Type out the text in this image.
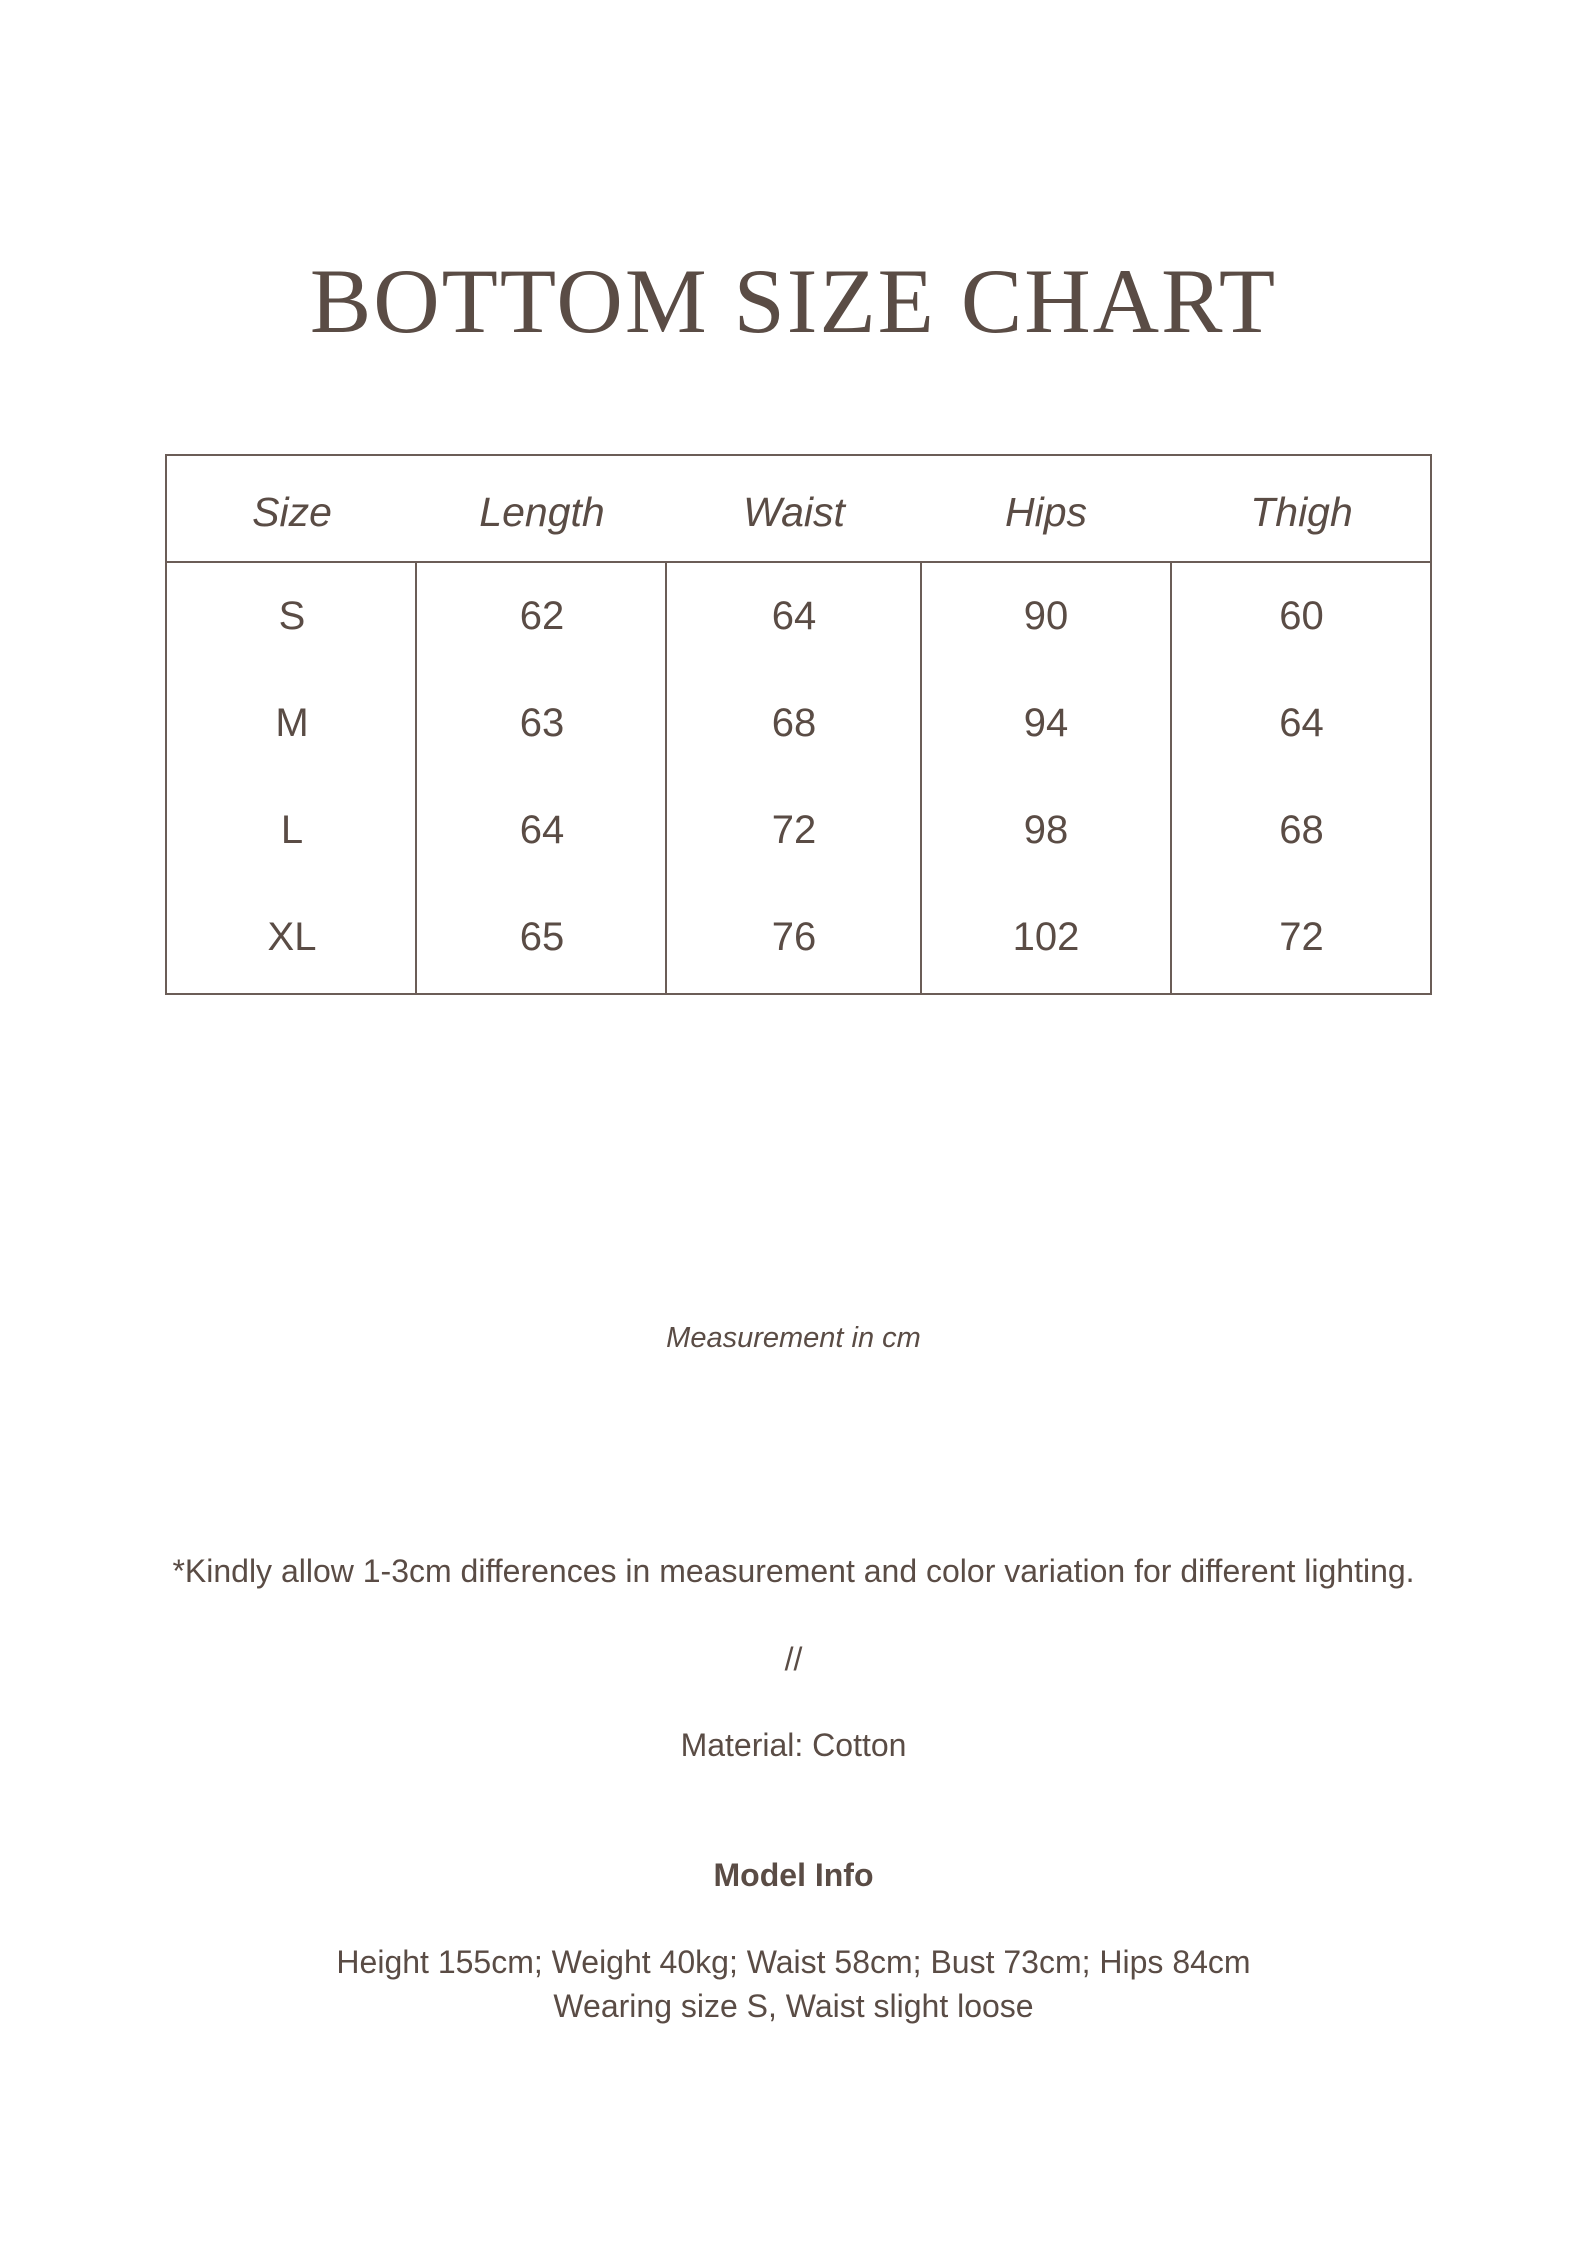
BOTTOM SIZE CHART
Size	Length	Waist	Hips	Thigh
S	62	64	90	60
M	63	68	94	64
L	64	72	98	68
XL	65	76	102	72
Measurement in cm
*Kindly allow 1-3cm differences in measurement and color variation for different lighting.
//
Material: Cotton
Model Info
Height 155cm; Weight 40kg; Waist 58cm; Bust 73cm; Hips 84cm
Wearing size S, Waist slight loose
